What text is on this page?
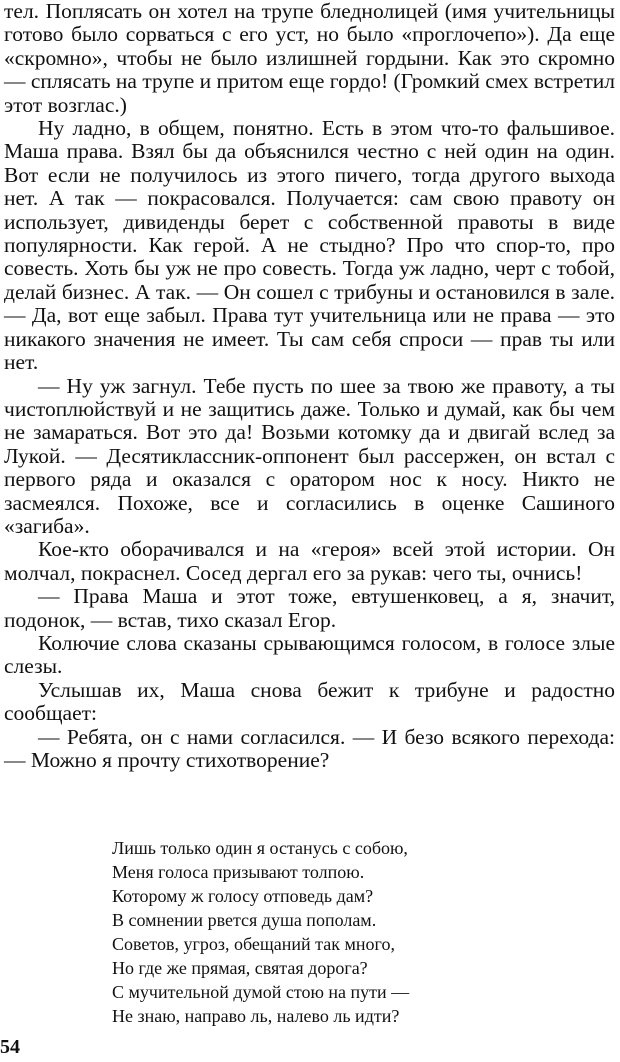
тел. Поплясать он хотел на трупе бледнолицей (имя учительницы готово было сорваться с его уст, но было «проглочепо»). Да еще «скромно», чтобы не было излишней гордыни. Как это скромно — сплясать на трупе и притом еще гордо! (Громкий смех встретил этот возглас.)

Ну ладно, в общем, понятно. Есть в этом что-то фальшивое. Маша права. Взял бы да объяснился честно с ней один на один. Вот если не получилось из этого пичего, тогда другого выхода нет. А так — покрасовался. Получается: сам свою правоту он использует, дивиденды берет с собственной правоты в виде популярности. Как герой. А не стыдно? Про что спор-то, про совесть. Хоть бы уж не про совесть. Тогда уж ладно, черт с тобой, делай бизнес. А так. — Он сошел с трибуны и остановился в зале. — Да, вот еще забыл. Права тут учительница или не права — это никакого значения не имеет. Ты сам себя спроси — прав ты или нет.

— Ну уж загнул. Тебе пусть по шее за твою же правоту, а ты чистоплюйствуй и не защитись даже. Только и думай, как бы чем не замараться. Вот это да! Возьми котомку да и двигай вслед за Лукой. — Десятиклассник-оппонент был рассержен, он встал с первого ряда и оказался с оратором нос к носу. Никто не засмеялся. Похоже, все и согласились в оценке Сашиного «загиба».

Кое-кто оборачивался и на «героя» всей этой истории. Он молчал, покраснел. Сосед дергал его за рукав: чего ты, очнись!

— Права Маша и этот тоже, евтушенковец, а я, значит, подонок, — встав, тихо сказал Егор.

Колючие слова сказаны срывающимся голосом, в голосе злые слезы.

Услышав их, Маша снова бежит к трибуне и радостно сообщает:

— Ребята, он с нами согласился. — И безо всякого перехода: — Можно я прочту стихотворение?

Лишь только один я останусь с собою,
Меня голоса призывают толпою.
Которому ж голосу отповедь дам?
В сомнении рвется душа пополам.
Советов, угроз, обещаний так много,
Но где же прямая, святая дорога?
С мучительной думой стою на пути —
Не знаю, направо ль, налево ль идти?
54
